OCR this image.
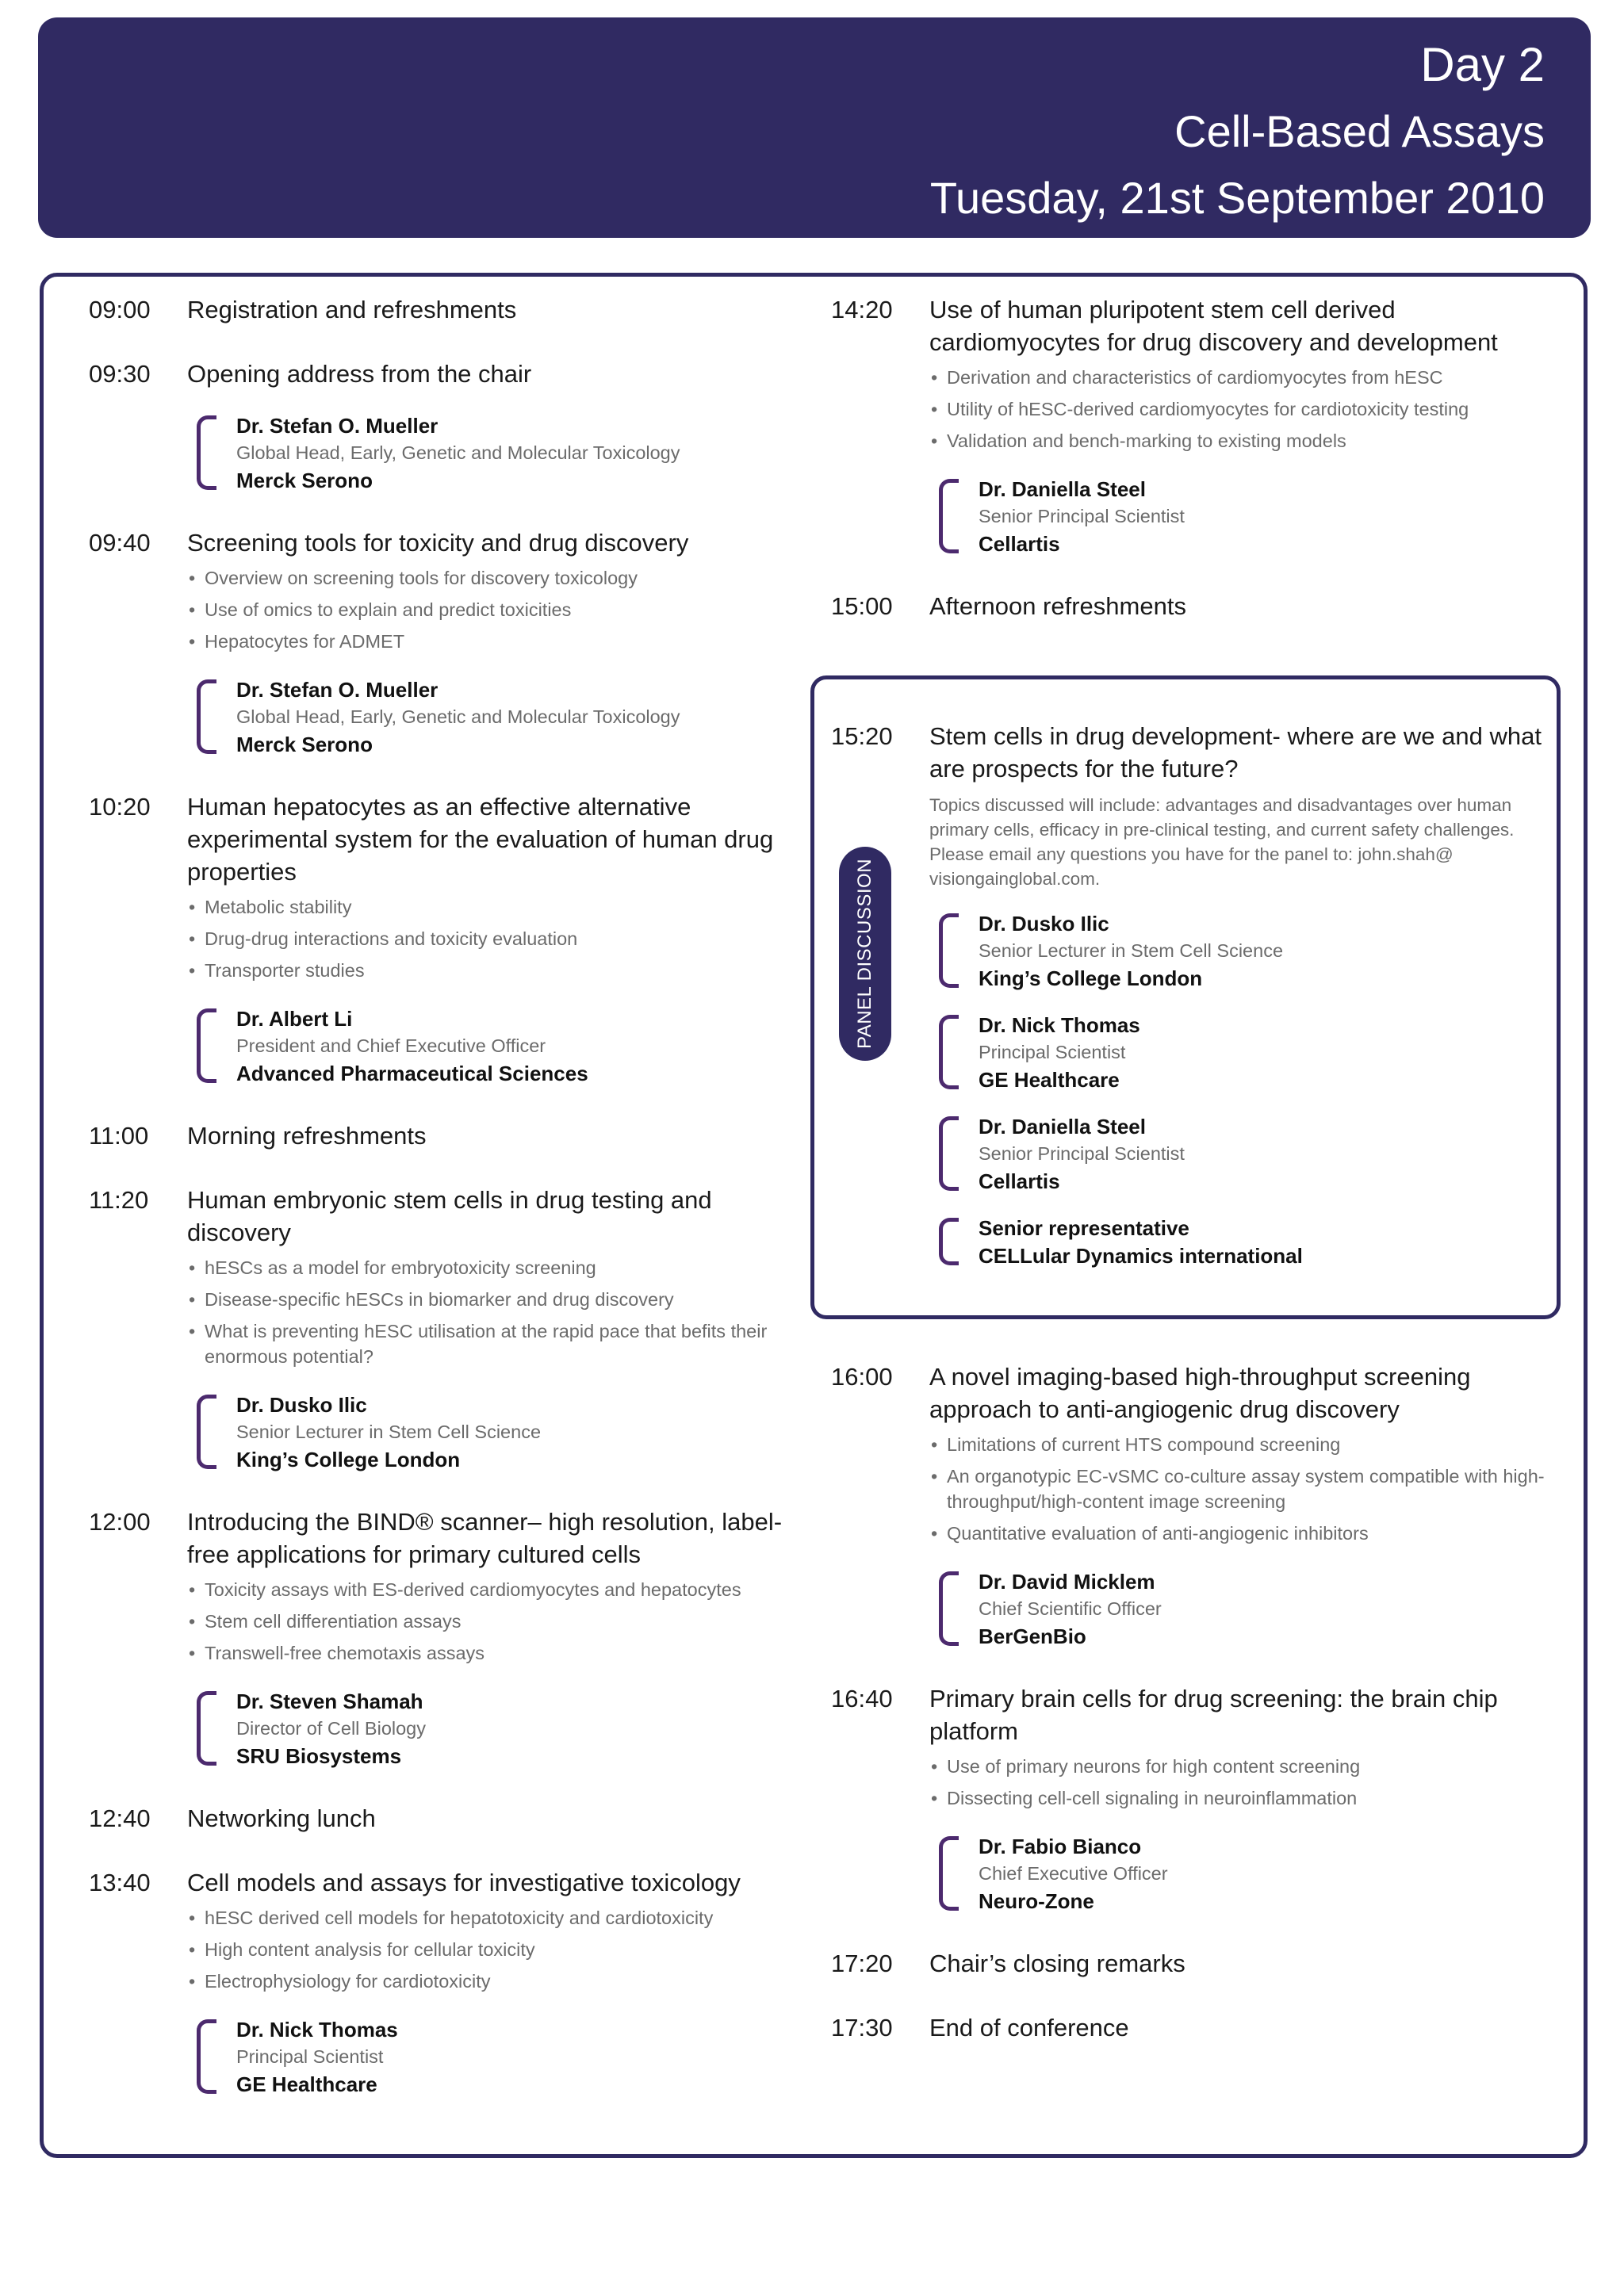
Day 2
Cell-Based Assays
Tuesday, 21st September 2010
09:00 Registration and refreshments
09:30 Opening address from the chair
Dr. Stefan O. Mueller
Global Head, Early, Genetic and Molecular Toxicology
Merck Serono
09:40 Screening tools for toxicity and drug discovery
• Overview on screening tools for discovery toxicology
• Use of omics to explain and predict toxicities
• Hepatocytes for ADMET
Dr. Stefan O. Mueller
Global Head, Early, Genetic and Molecular Toxicology
Merck Serono
10:20 Human hepatocytes as an effective alternative experimental system for the evaluation of human drug properties
• Metabolic stability
• Drug-drug interactions and toxicity evaluation
• Transporter studies
Dr. Albert Li
President and Chief Executive Officer
Advanced Pharmaceutical Sciences
11:00 Morning refreshments
11:20 Human embryonic stem cells in drug testing and discovery
• hESCs as a model for embryotoxicity screening
• Disease-specific hESCs in biomarker and drug discovery
• What is preventing hESC utilisation at the rapid pace that befits their enormous potential?
Dr. Dusko Ilic
Senior Lecturer in Stem Cell Science
King’s College London
12:00 Introducing the BIND® scanner– high resolution, label-free applications for primary cultured cells
• Toxicity assays with ES-derived cardiomyocytes and hepatocytes
• Stem cell differentiation assays
• Transwell-free chemotaxis assays
Dr. Steven Shamah
Director of Cell Biology
SRU Biosystems
12:40 Networking lunch
13:40 Cell models and assays for investigative toxicology
• hESC derived cell models for hepatotoxicity and cardiotoxicity
• High content analysis for cellular toxicity
• Electrophysiology for cardiotoxicity
Dr. Nick Thomas
Principal Scientist
GE Healthcare
14:20 Use of human pluripotent stem cell derived cardiomyocytes for drug discovery and development
• Derivation and characteristics of cardiomyocytes from hESC
• Utility of hESC-derived cardiomyocytes for cardiotoxicity testing
• Validation and bench-marking to existing models
Dr. Daniella Steel
Senior Principal Scientist
Cellartis
15:00 Afternoon refreshments
PANEL DISCUSSION
15:20 Stem cells in drug development- where are we and what are prospects for the future?
Topics discussed will include: advantages and disadvantages over human primary cells, efficacy in pre-clinical testing, and current safety challenges. Please email any questions you have for the panel to: john.shah@ visiongainglobal.com.
Dr. Dusko Ilic
Senior Lecturer in Stem Cell Science
King’s College London
Dr. Nick Thomas
Principal Scientist
GE Healthcare
Dr. Daniella Steel
Senior Principal Scientist
Cellartis
Senior representative
CELLular Dynamics international
16:00 A novel imaging-based high-throughput screening approach to anti-angiogenic drug discovery
• Limitations of current HTS compound screening
• An organotypic EC-vSMC co-culture assay system compatible with high-throughput/high-content image screening
• Quantitative evaluation of anti-angiogenic inhibitors
Dr. David Micklem
Chief Scientific Officer
BerGenBio
16:40 Primary brain cells for drug screening: the brain chip platform
• Use of primary neurons for high content screening
• Dissecting cell-cell signaling in neuroinflammation
Dr. Fabio Bianco
Chief Executive Officer
Neuro-Zone
17:20 Chair’s closing remarks
17:30 End of conference
